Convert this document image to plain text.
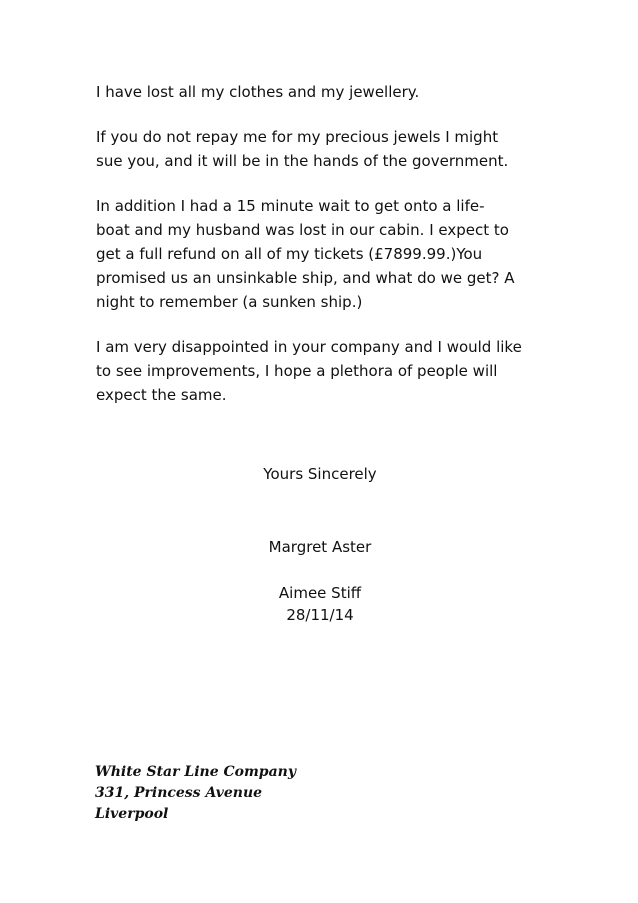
I have lost all my clothes and my jewellery.

If you do not repay me for my precious jewels I might
sue you, and it will be in the hands of the government.

In addition I had a 15 minute wait to get onto a life-
boat and my husband was lost in our cabin. I expect to
get a full refund on all of my tickets (£7899.99.)You
promised us an unsinkable ship, and what do we get? A
night to remember (a sunken ship.)

I am very disappointed in your company and I would like
to see improvements, I hope a plethora of people will
expect the same.

Yours Sincerely
Margret Aster
Aimee Stiff
28/11/14
White Star Line Company
331, Princess Avenue
Liverpool
